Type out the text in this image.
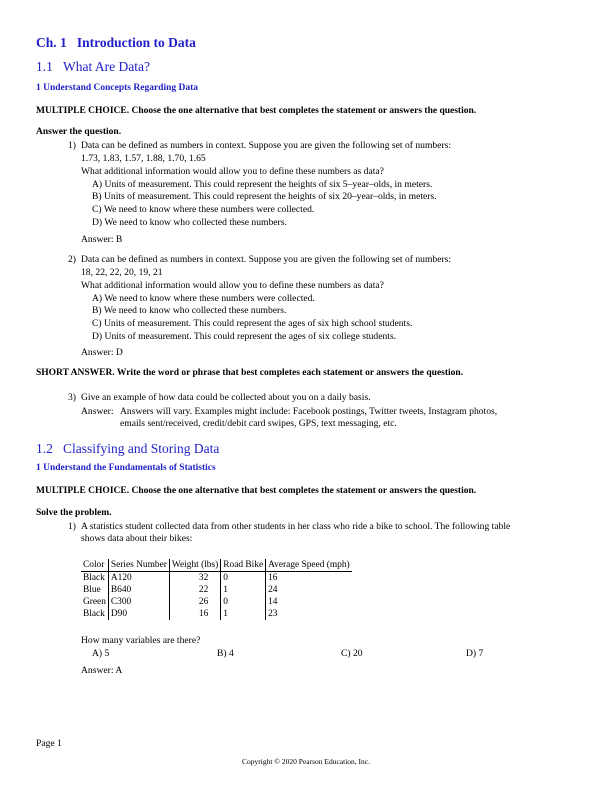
Ch. 1 Introduction to Data
1.1 What Are Data?
1 Understand Concepts Regarding Data
MULTIPLE CHOICE. Choose the one alternative that best completes the statement or answers the question.
Answer the question.
1) Data can be defined as numbers in context. Suppose you are given the following set of numbers:
1.73, 1.83, 1.57, 1.88, 1.70, 1.65
What additional information would allow you to define these numbers as data?
A) Units of measurement. This could represent the heights of six 5–year–olds, in meters.
B) Units of measurement. This could represent the heights of six 20–year–olds, in meters.
C) We need to know where these numbers were collected.
D) We need to know who collected these numbers.
Answer: B
2) Data can be defined as numbers in context. Suppose you are given the following set of numbers:
18, 22, 22, 20, 19, 21
What additional information would allow you to define these numbers as data?
A) We need to know where these numbers were collected.
B) We need to know who collected these numbers.
C) Units of measurement. This could represent the ages of six high school students.
D) Units of measurement. This could represent the ages of six college students.
Answer: D
SHORT ANSWER. Write the word or phrase that best completes each statement or answers the question.
3) Give an example of how data could be collected about you on a daily basis.
Answer: Answers will vary. Examples might include: Facebook postings, Twitter tweets, Instagram photos,
emails sent/received, credit/debit card swipes, GPS, text messaging, etc.
1.2 Classifying and Storing Data
1 Understand the Fundamentals of Statistics
MULTIPLE CHOICE. Choose the one alternative that best completes the statement or answers the question.
Solve the problem.
1) A statistics student collected data from other students in her class who ride a bike to school. The following table
shows data about their bikes:
Color	Series Number	Weight (lbs)	Road Bike	Average Speed (mph)
Black	A120	32	0	16
Blue	B640	22	1	24
Green	C300	26	0	14
Black	D90	16	1	23
How many variables are there?
A) 5	B) 4	C) 20	D) 7
Answer: A
Page 1
Copyright © 2020 Pearson Education, Inc.
